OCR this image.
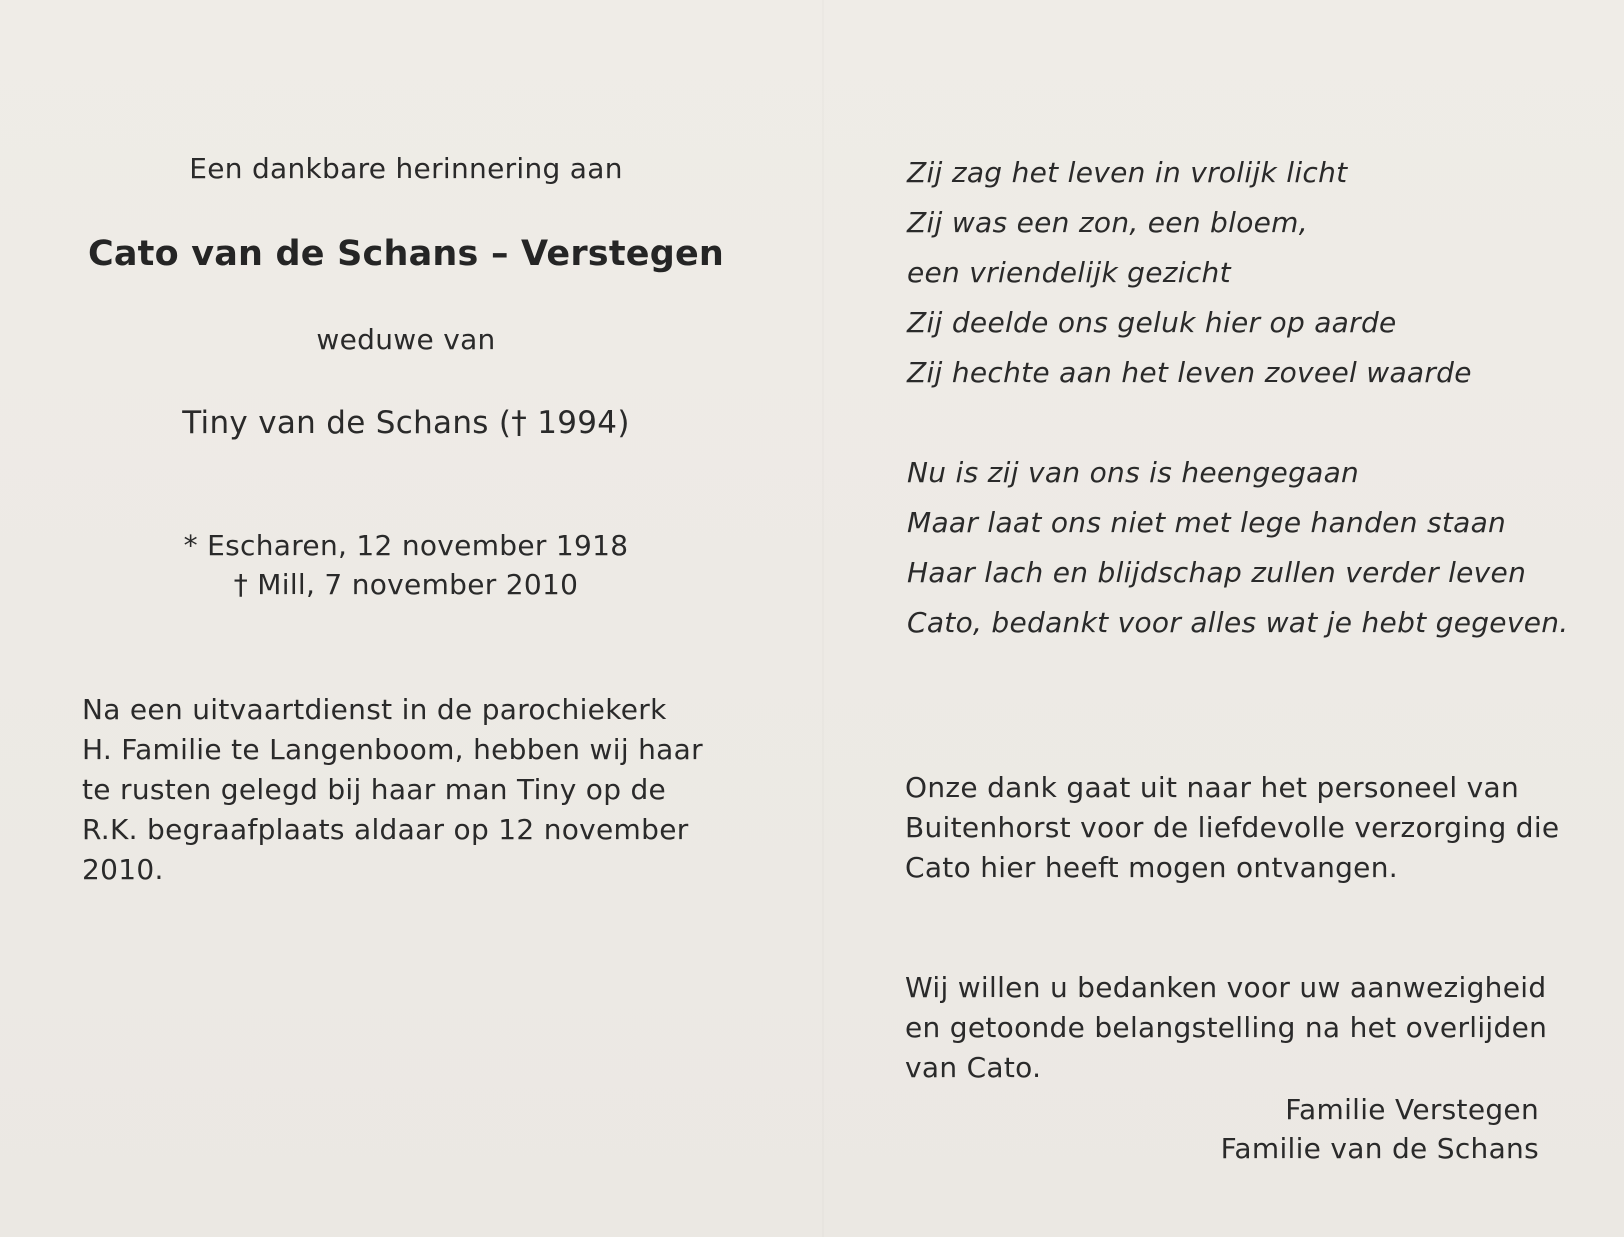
Een dankbare herinnering aan
Cato van de Schans – Verstegen
weduwe van
Tiny van de Schans († 1994)
* Escharen, 12 november 1918
† Mill, 7 november 2010
Na een uitvaartdienst in de parochiekerk
H. Familie te Langenboom, hebben wij haar
te rusten gelegd bij haar man Tiny op de
R.K. begraafplaats aldaar op 12 november
2010.
Zij zag het leven in vrolijk licht
Zij was een zon, een bloem,
een vriendelijk gezicht
Zij deelde ons geluk hier op aarde
Zij hechte aan het leven zoveel waarde
Nu is zij van ons is heengegaan
Maar laat ons niet met lege handen staan
Haar lach en blijdschap zullen verder leven
Cato, bedankt voor alles wat je hebt gegeven.
Onze dank gaat uit naar het personeel van
Buitenhorst voor de liefdevolle verzorging die
Cato hier heeft mogen ontvangen.
Wij willen u bedanken voor uw aanwezigheid
en getoonde belangstelling na het overlijden
van Cato.
Familie Verstegen
Familie van de Schans
